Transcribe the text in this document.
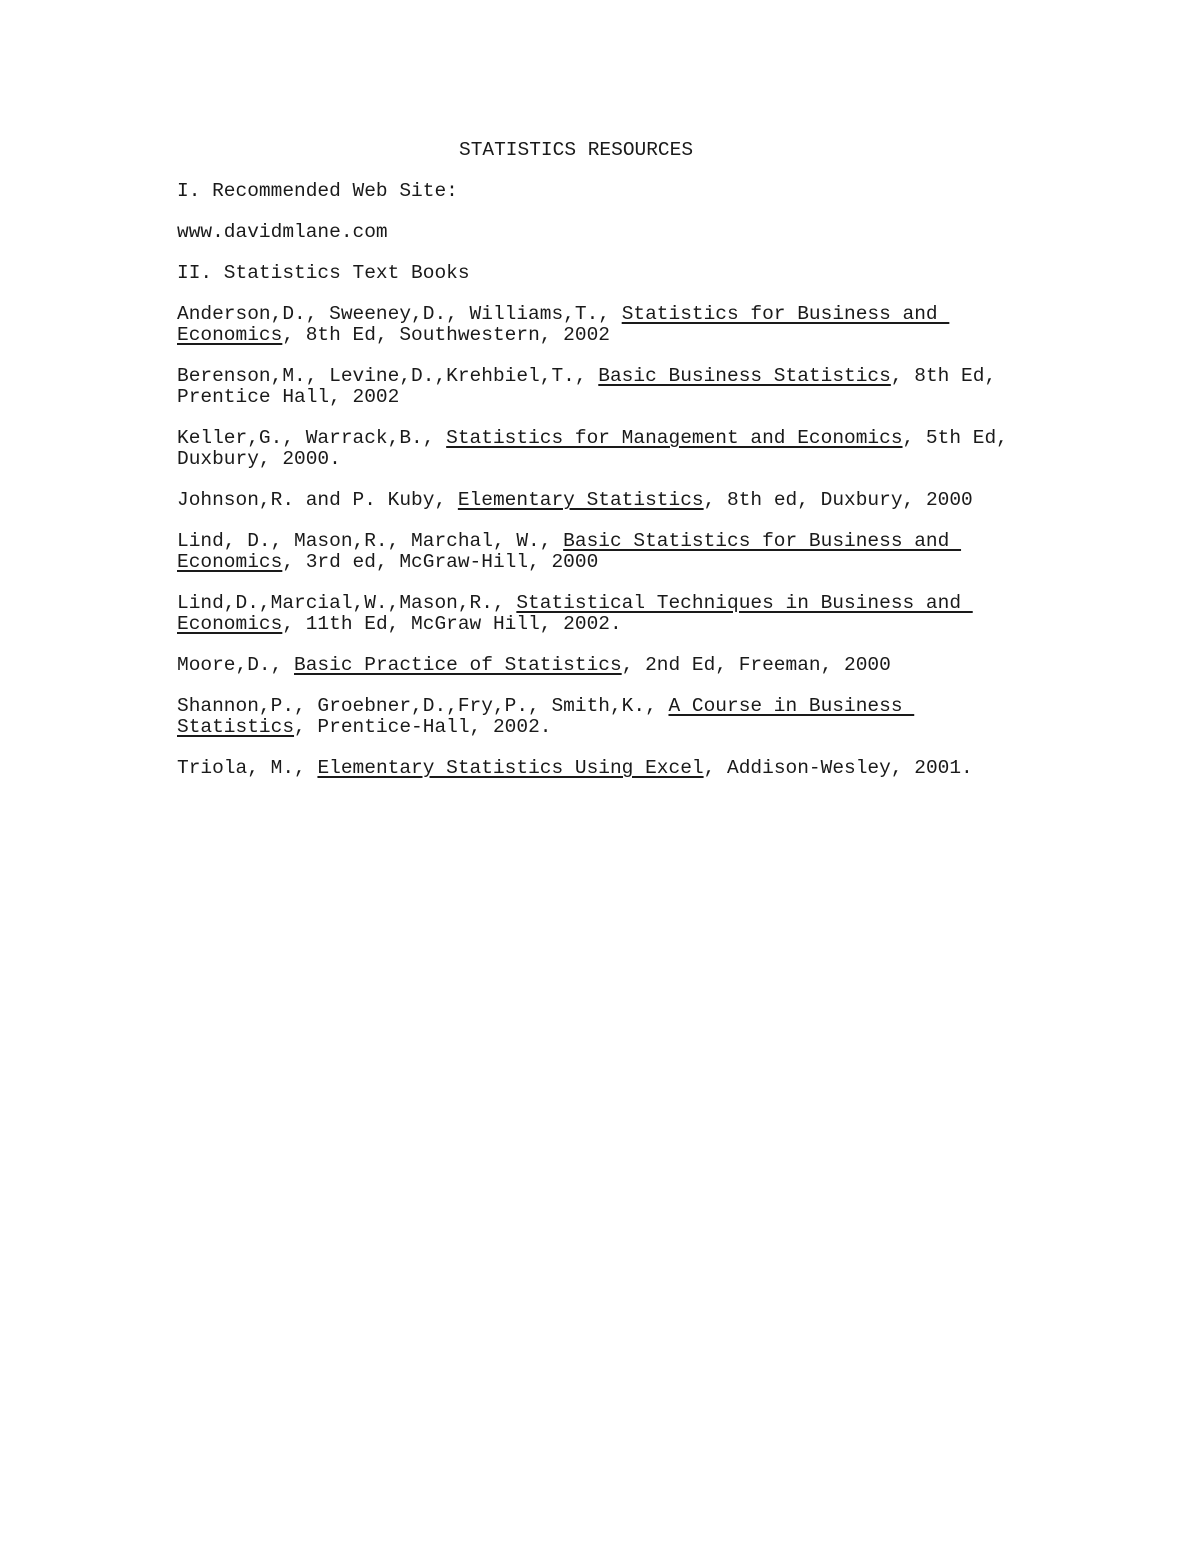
STATISTICS RESOURCES
I. Recommended Web Site:
www.davidmlane.com
II. Statistics Text Books
Anderson,D., Sweeney,D., Williams,T., Statistics for Business and
Economics, 8th Ed, Southwestern, 2002
Berenson,M., Levine,D.,Krehbiel,T., Basic Business Statistics, 8th Ed,
Prentice Hall, 2002
Keller,G., Warrack,B., Statistics for Management and Economics, 5th Ed,
Duxbury, 2000.
Johnson,R. and P. Kuby, Elementary Statistics, 8th ed, Duxbury, 2000
Lind, D., Mason,R., Marchal, W., Basic Statistics for Business and
Economics, 3rd ed, McGraw-Hill, 2000
Lind,D.,Marcial,W.,Mason,R., Statistical Techniques in Business and
Economics, 11th Ed, McGraw Hill, 2002.
Moore,D., Basic Practice of Statistics, 2nd Ed, Freeman, 2000
Shannon,P., Groebner,D.,Fry,P., Smith,K., A Course in Business
Statistics, Prentice-Hall, 2002.
Triola, M., Elementary Statistics Using Excel, Addison-Wesley, 2001.
